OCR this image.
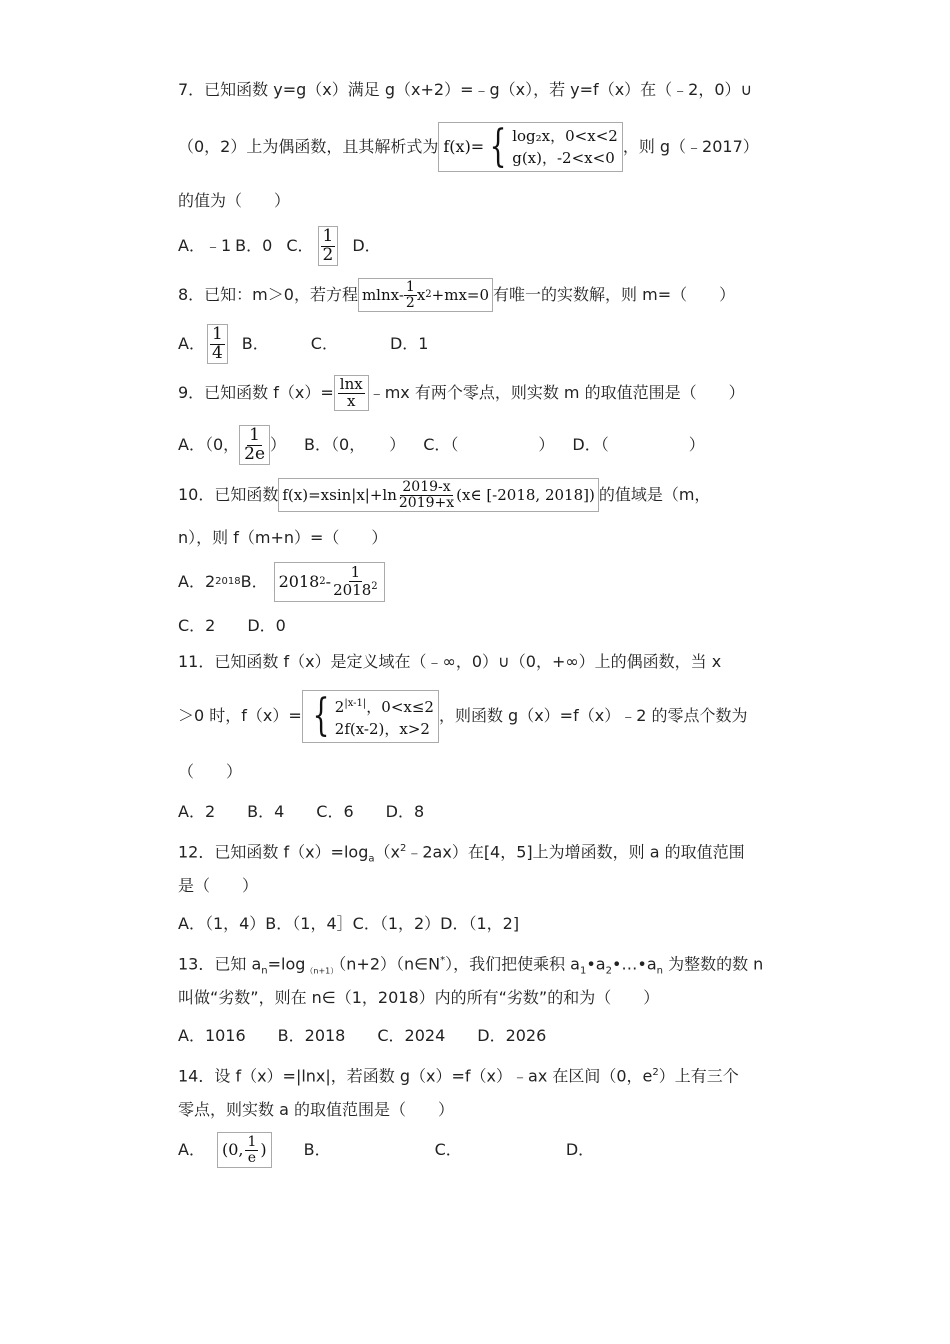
7．已知函数 y=g（x）满足 g（x+2）=﹣g（x），若 y=f（x）在（﹣2，0）∪
（0，2）上为偶函数，且其解析式为 f(x)= { log₂x，0<x<2
g(x)，-2<x<0
，则 g（﹣2017）
的值为（　　）
A．﹣1 B．0 C． $\frac{1}{2}$ D．
8．已知：m＞0，若方程 $mlnx- \frac{1}{2}$ x 2 +mx=0 有唯一的实数解，则 m=（　　）
A． $\frac{1}{4}$ B．	C．	D．1
9．已知函数 $f(x)= \frac{\ln x}{x}$ ﹣mx 有两个零点，则实数 m 的取值范围是（　　）
A．（0， $\frac{1}{2e}$ ） B．（0，　　） C．（　　　　　） D．（　　　　　）
10．已知函数 $f(x)=xsin|x|+\ln \frac{2019-x}{2019+x}$ (x∈ [-2018, 2018]) 的值域是（m，
n），则 f（m+n）=（　　）
A．2 2018 B． 2018 $2 - \frac{1}{2018^2}$
C．2　　D．0
11．已知函数 f（x）是定义域在（﹣∞，0）∪（0，+∞）上的偶函数，当 x
＞0 时，f（x）= { $2^{|x-1|}$，0<x≤2
2f(x-2)，x>2
，则函数 g（x）=f（x）﹣2 的零点个数为
（　　）
A．2　　B．4　　C．6　　D．8
12．已知函数 $f(x)=\log_a(x^2﹣2ax)$在[4，5]上为增函数，则 a 的取值范围
是（　　）
A．（1，4）B．（1，4］C．（1，2）D．（1，2]
13．已知 $a_n=\log_{(n+1)}(n+2)(n\in N^*)$，我们把使乘积 $a_1•a_2•\dots•a_n$ 为整数的数 n
叫做“劣数”，则在 n∈（1，2018）内的所有“劣数”的和为（　　）
A．1016　　B．2018　　C．2024　　D．2026
14．设 f（x）=|lnx|，若函数 g（x）=f（x）﹣ax 在区间（0，$e^2$）上有三个
零点，则实数 a 的取值范围是（　　）
A． (0, $\frac{1}{e}$ ) B．	C．	D．
